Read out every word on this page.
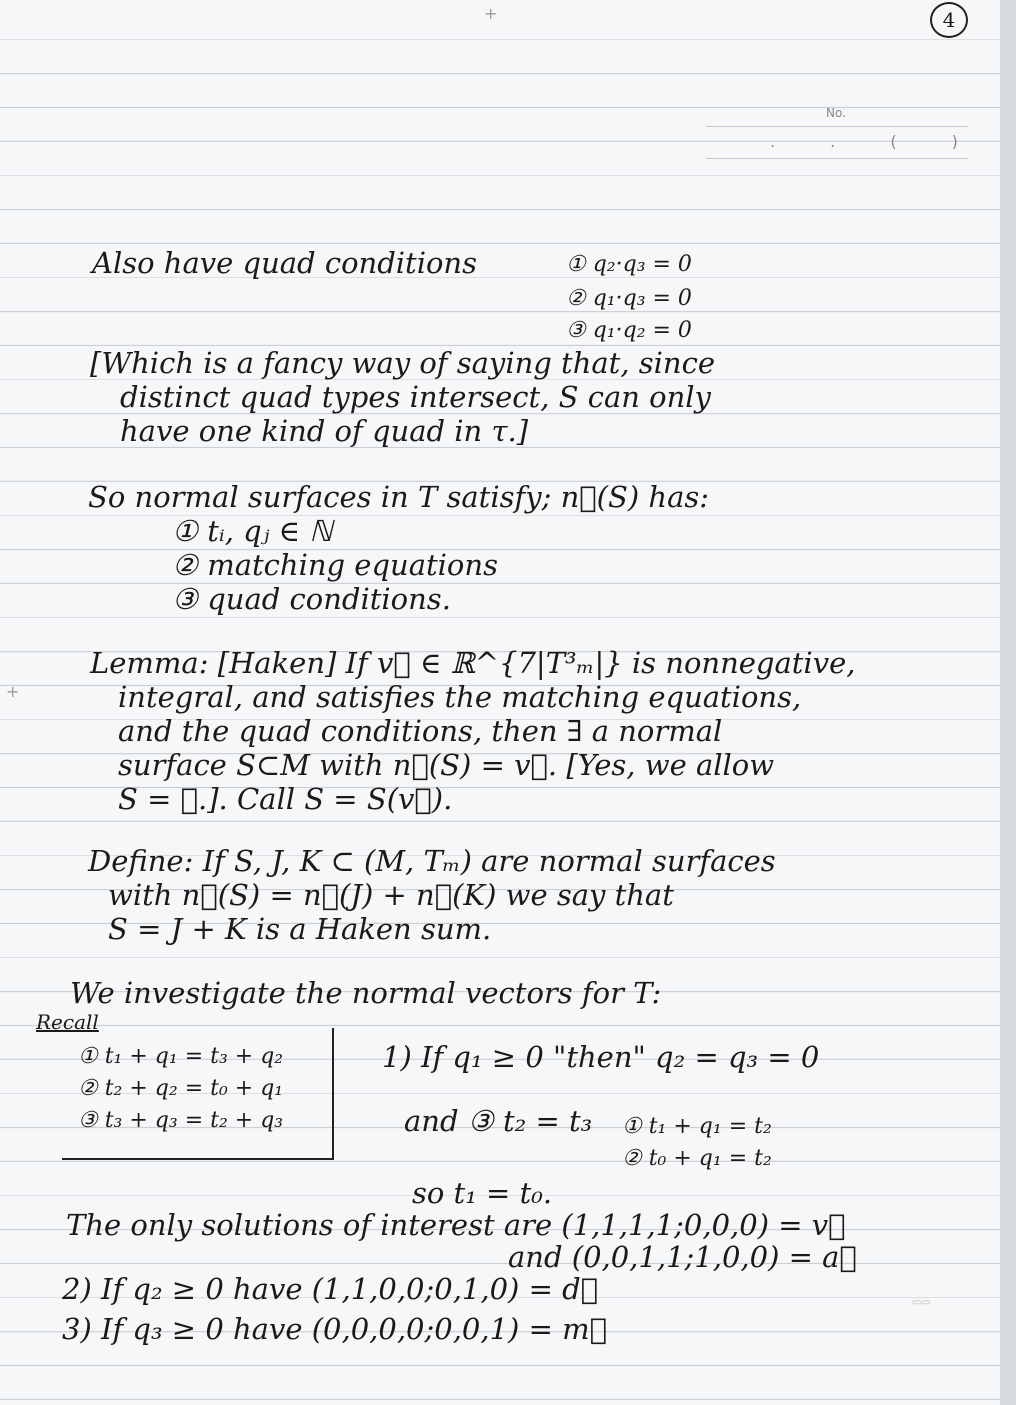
+
+
4
No.
. . ( )
▭▭
Also have quad conditions	① q₂·q₃ = 0
② q₁·q₃ = 0
③ q₁·q₂ = 0
[Which is a fancy way of saying that, since
distinct quad types intersect, S can only
have one kind of quad in τ.]
So normal surfaces in T satisfy; n⃗(S) has:
① tᵢ, qⱼ ∈ ℕ
② matching equations
③ quad conditions.
Lemma: [Haken] If v⃗ ∈ ℝ^{7|T³ₘ|} is nonnegative,
integral, and satisfies the matching equations,
and the quad conditions, then ∃ a normal
surface S⊂M with n⃗(S) = v⃗. [Yes, we allow
S = ∅.]. Call S = S(v⃗).
Define: If S, J, K ⊂ (M, Tₘ) are normal surfaces
with n⃗(S) = n⃗(J) + n⃗(K) we say that
S = J + K is a Haken sum.
We investigate the normal vectors for T:
Recall
① t₁ + q₁ = t₃ + q₂
② t₂ + q₂ = t₀ + q₁
③ t₃ + q₃ = t₂ + q₃
1) If q₁ ≥ 0 "then" q₂ = q₃ = 0
and ③ t₂ = t₃ ① t₁ + q₁ = t₂
② t₀ + q₁ = t₂
so t₁ = t₀.
The only solutions of interest are (1,1,1,1;0,0,0) = v⃗
and (0,0,1,1;1,0,0) = a⃗
2) If q₂ ≥ 0 have (1,1,0,0;0,1,0) = d⃗
3) If q₃ ≥ 0 have (0,0,0,0;0,0,1) = m⃗
